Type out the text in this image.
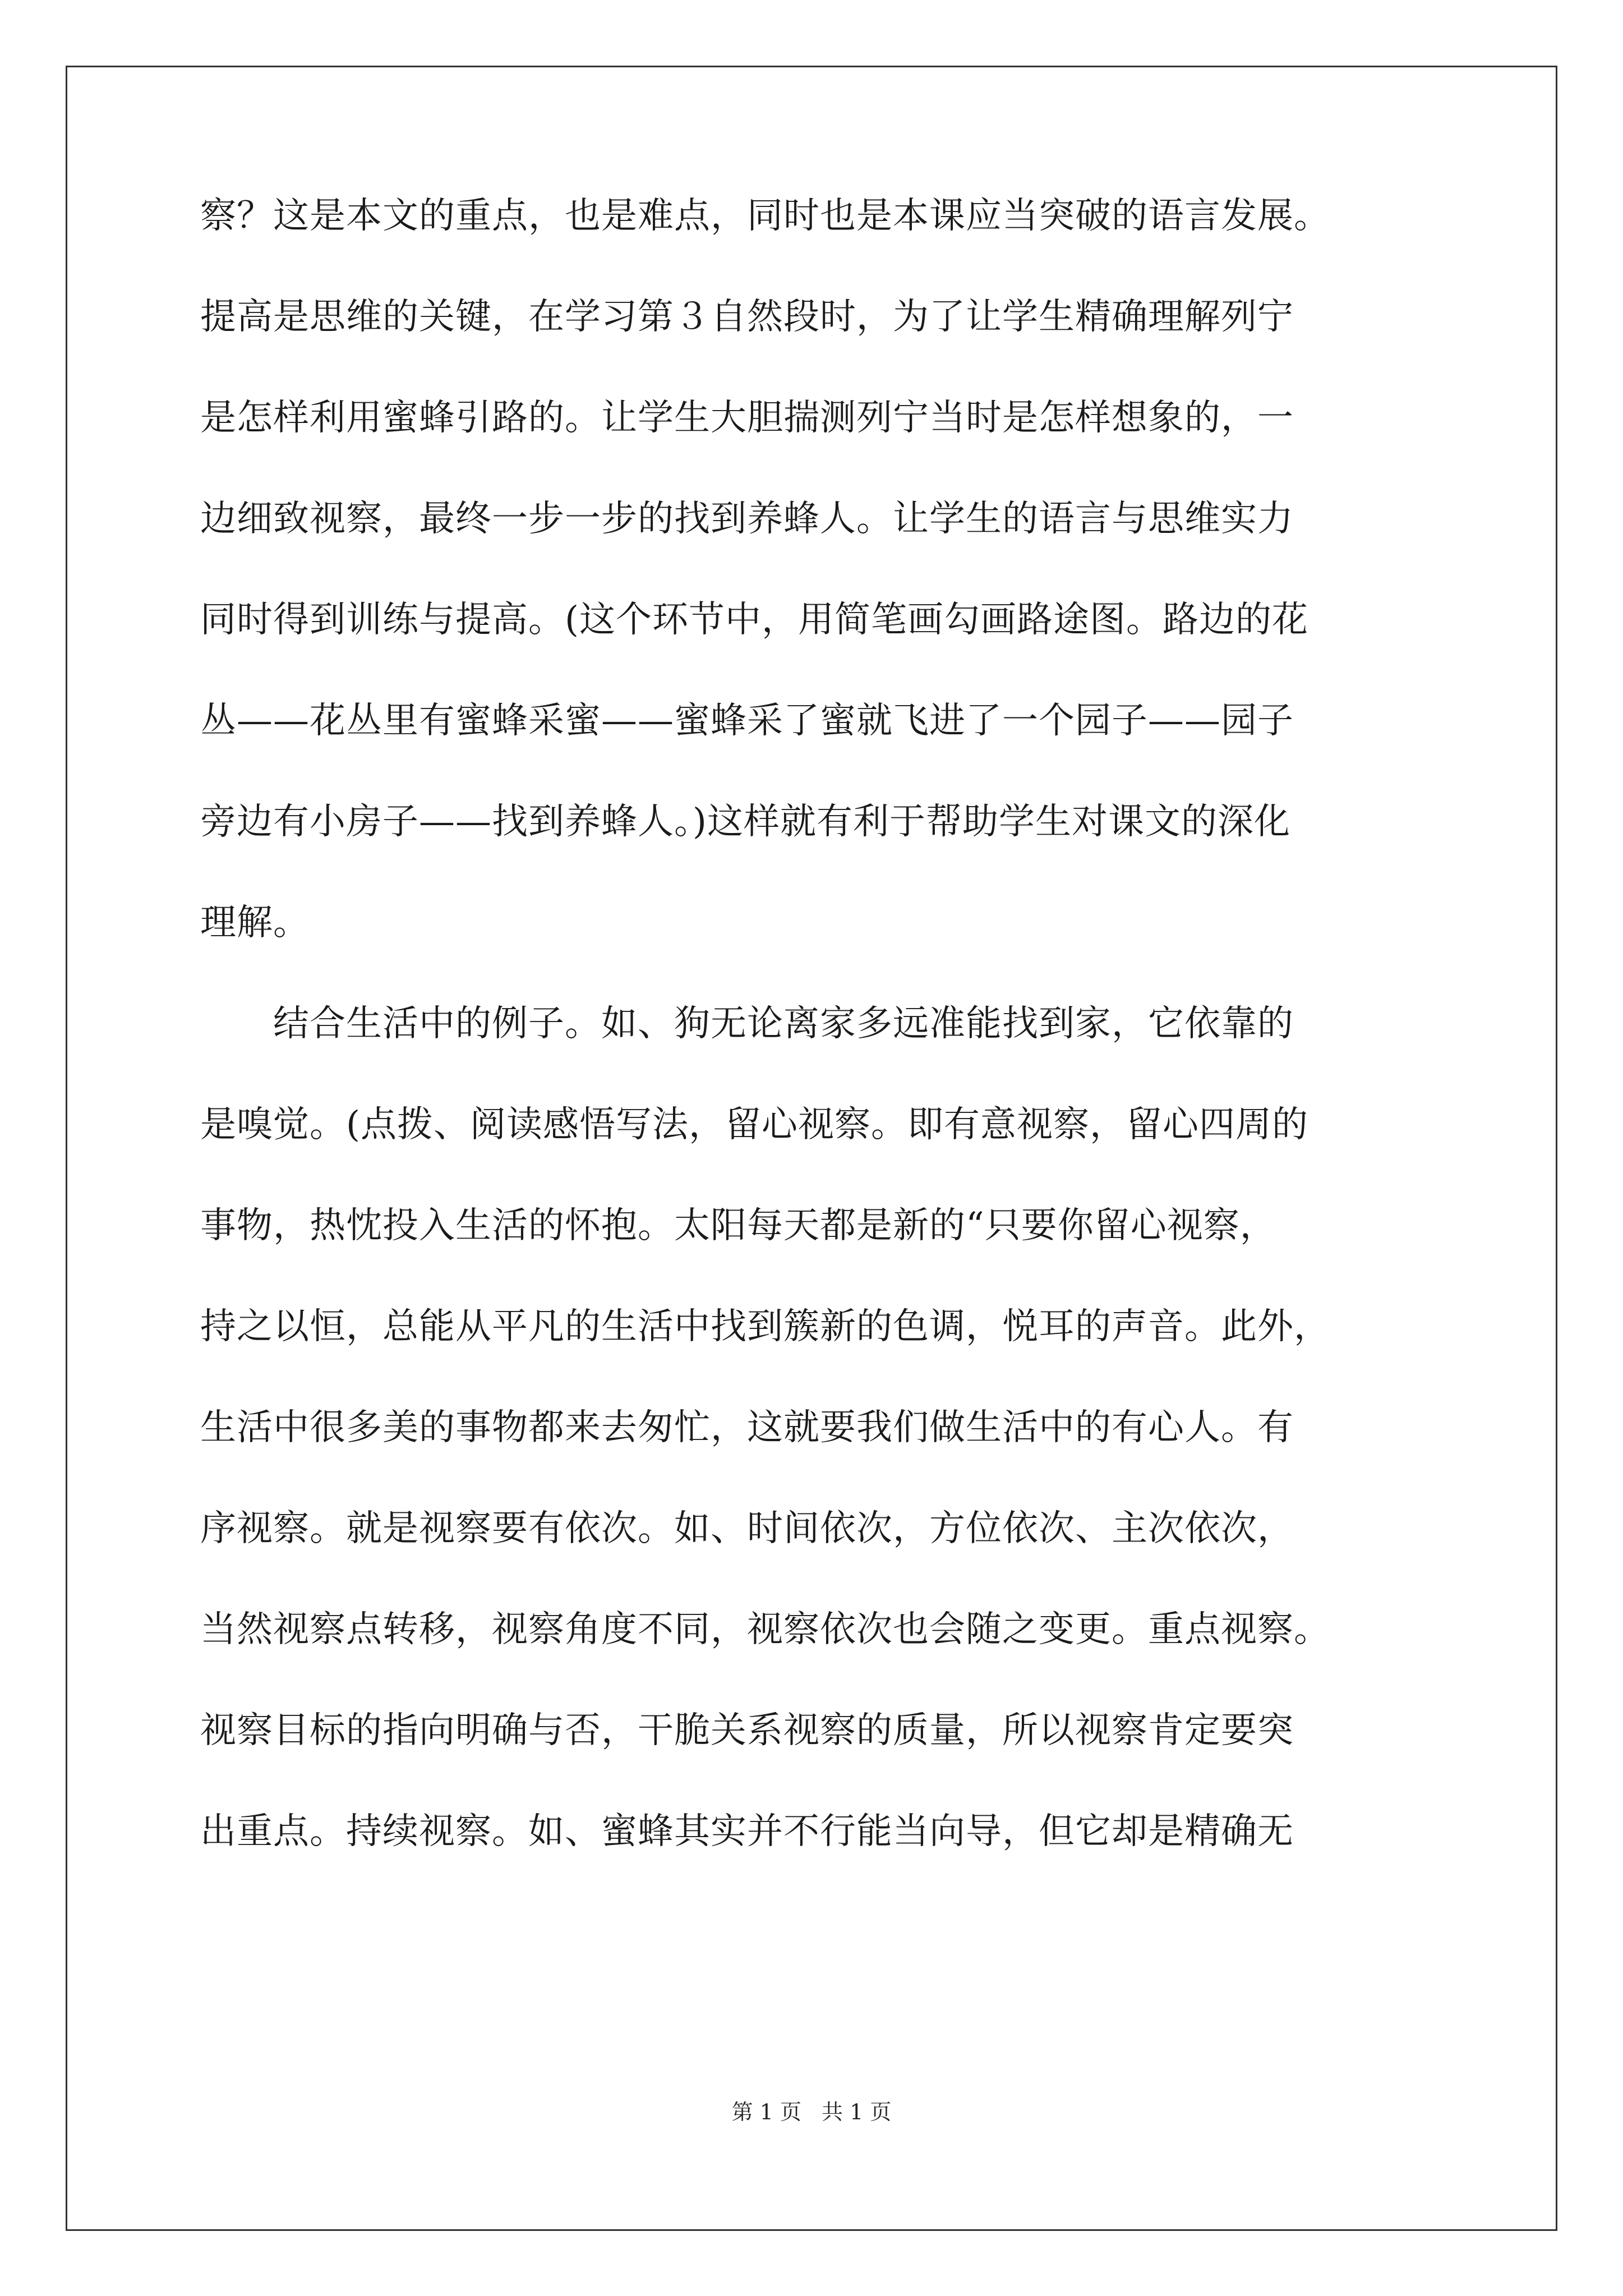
察？这是本文的重点，也是难点，同时也是本课应当突破的语言发展。
提高是思维的关键，在学习第３自然段时，为了让学生精确理解列宁
是怎样利用蜜蜂引路的。让学生大胆揣测列宁当时是怎样想象的，一
边细致视察，最终一步一步的找到养蜂人。让学生的语言与思维实力
同时得到训练与提高。(这个环节中，用简笔画勾画路途图。路边的花
丛——花丛里有蜜蜂采蜜——蜜蜂采了蜜就飞进了一个园子——园子
旁边有小房子——找到养蜂人。)这样就有利于帮助学生对课文的深化
理解。
　　结合生活中的例子。如、狗无论离家多远准能找到家，它依靠的
是嗅觉。(点拨、阅读感悟写法，留心视察。即有意视察，留心四周的
事物，热忱投入生活的怀抱。太阳每天都是新的“只要你留心视察，
持之以恒，总能从平凡的生活中找到簇新的色调，悦耳的声音。此外，
生活中很多美的事物都来去匆忙，这就要我们做生活中的有心人。有
序视察。就是视察要有依次。如、时间依次，方位依次、主次依次，
当然视察点转移，视察角度不同，视察依次也会随之变更。重点视察。
视察目标的指向明确与否，干脆关系视察的质量，所以视察肯定要突
出重点。持续视察。如、蜜蜂其实并不行能当向导，但它却是精确无
第 1 页 共 1 页
